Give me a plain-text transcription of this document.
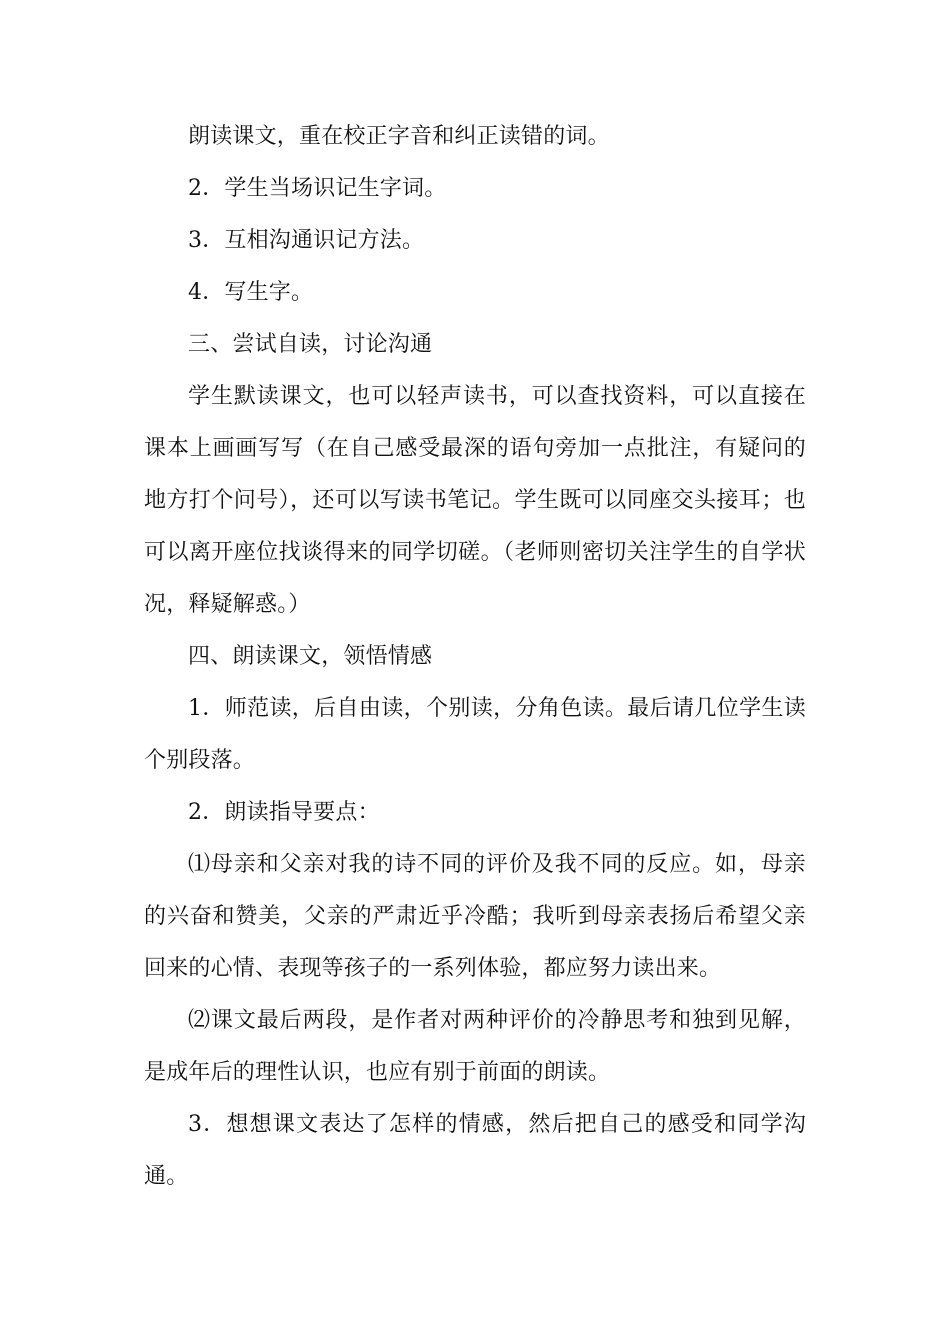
朗读课文，重在校正字音和纠正读错的词。

2．学生当场识记生字词。

3．互相沟通识记方法。

4．写生字。

三、尝试自读，讨论沟通

学生默读课文，也可以轻声读书，可以查找资料，可以直接在课本上画画写写（在自己感受最深的语句旁加一点批注，有疑问的地方打个问号），还可以写读书笔记。学生既可以同座交头接耳；也可以离开座位找谈得来的同学切磋。（老师则密切关注学生的自学状况，释疑解惑。）

四、朗读课文，领悟情感

1．师范读，后自由读，个别读，分角色读。最后请几位学生读个别段落。

2．朗读指导要点：

⑴母亲和父亲对我的诗不同的评价及我不同的反应。如，母亲的兴奋和赞美，父亲的严肃近乎冷酷；我听到母亲表扬后希望父亲回来的心情、表现等孩子的一系列体验，都应努力读出来。

⑵课文最后两段，是作者对两种评价的冷静思考和独到见解，是成年后的理性认识，也应有别于前面的朗读。

3．想想课文表达了怎样的情感，然后把自己的感受和同学沟通。
